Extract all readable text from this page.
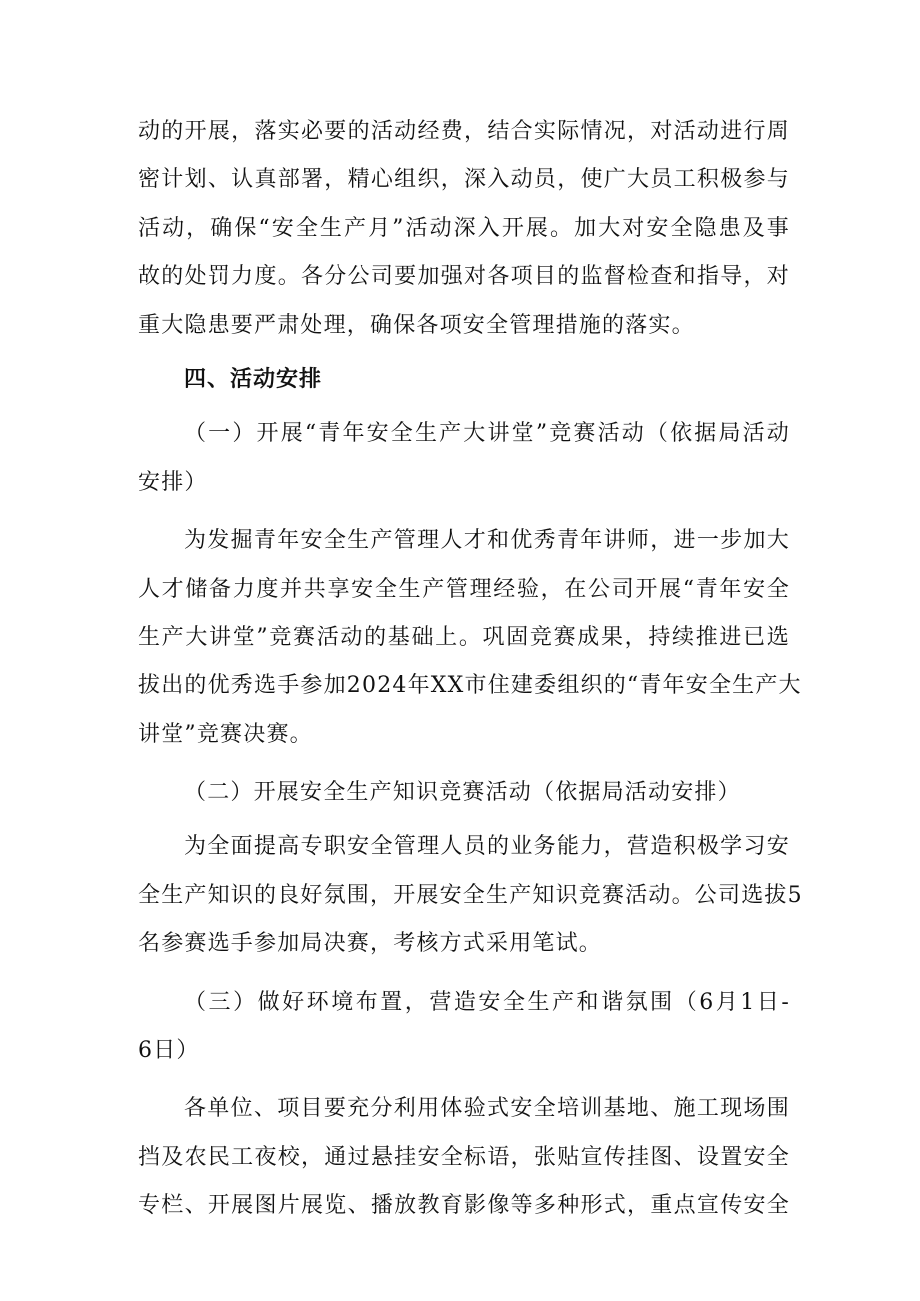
动的开展，落实必要的活动经费，结合实际情况，对活动进行周
密计划、认真部署，精心组织，深入动员，使广大员工积极参与
活动，确保“安全生产月”活动深入开展。加大对安全隐患及事
故的处罚力度。各分公司要加强对各项目的监督检查和指导，对
重大隐患要严肃处理，确保各项安全管理措施的落实。
四、活动安排
（一）开展“青年安全生产大讲堂”竞赛活动（依据局活动
安排）
为发掘青年安全生产管理人才和优秀青年讲师，进一步加大
人才储备力度并共享安全生产管理经验，在公司开展“青年安全
生产大讲堂”竞赛活动的基础上。巩固竞赛成果，持续推进已选
拔出的优秀选手参加2024年XX市住建委组织的“青年安全生产大
讲堂”竞赛决赛。
（二）开展安全生产知识竞赛活动（依据局活动安排）
为全面提高专职安全管理人员的业务能力，营造积极学习安
全生产知识的良好氛围，开展安全生产知识竞赛活动。公司选拔5
名参赛选手参加局决赛，考核方式采用笔试。
（三）做好环境布置，营造安全生产和谐氛围（6月1日-
6日）
各单位、项目要充分利用体验式安全培训基地、施工现场围
挡及农民工夜校，通过悬挂安全标语，张贴宣传挂图、设置安全
专栏、开展图片展览、播放教育影像等多种形式，重点宣传安全
